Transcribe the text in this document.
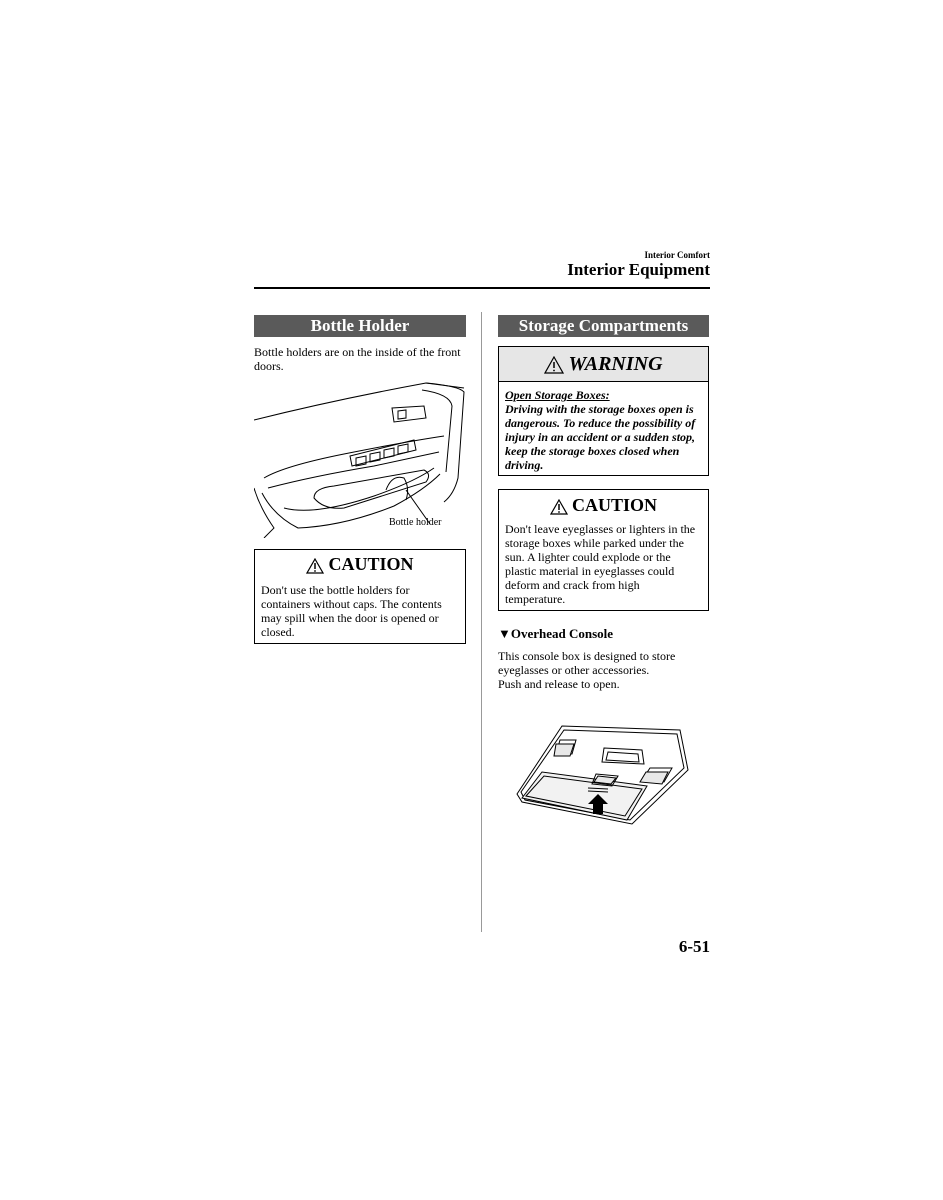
Interior Comfort
Interior Equipment
Bottle Holder
Bottle holders are on the inside of the front doors.
Bottle holder
CAUTION
Don't use the bottle holders for containers without caps. The contents may spill when the door is opened or closed.
Storage Compartments
WARNING
Open Storage Boxes:
Driving with the storage boxes open is dangerous. To reduce the possibility of injury in an accident or a sudden stop, keep the storage boxes closed when driving.
CAUTION
Don't leave eyeglasses or lighters in the storage boxes while parked under the sun. A lighter could explode or the plastic material in eyeglasses could deform and crack from high temperature.
▼Overhead Console
This console box is designed to store eyeglasses or other accessories.
Push and release to open.
6-51
